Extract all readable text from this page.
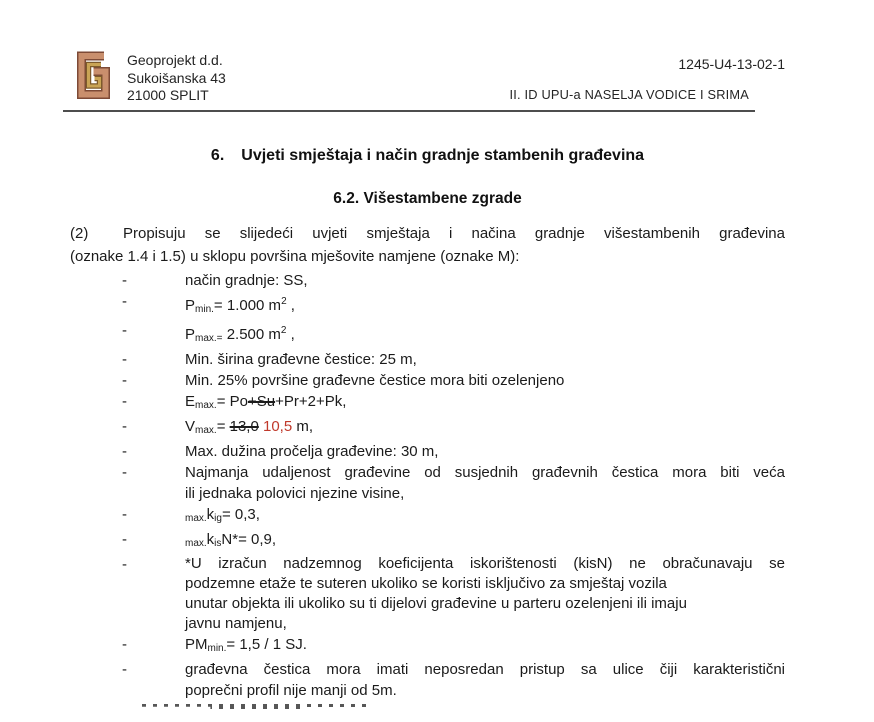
Geoprojekt d.d.
Sukoišanska 43
21000 SPLIT
1245-U4-13-02-1
II. ID UPU-a NASELJA VODICE I SRIMA
6. Uvjeti smještaja i način gradnje stambenih građevina
6.2. Višestambene zgrade
(2) Propisuju se slijedeći uvjeti smještaja i načina gradnje višestambenih građevina
(oznake 1.4 i 1.5) u sklopu površina mješovite namjene (oznake M):
-	način gradnje: SS,
-	Pmin.= 1.000 $m^2$ ,
-	Pmax.= 2.500 $m^2$ ,
-	Min. širina građevne čestice: 25 m,
-	Min. 25% površine građevne čestice mora biti ozelenjeno
-	Emax.= Po+Su+Pr+2+Pk,
-	Vmax.= 13,0 10,5 m,
-	Max. dužina pročelja građevine: 30 m,
-	Najmanja udaljenost građevine od susjednih građevnih čestica mora biti veća
ili jednaka polovici njezine visine,
-	max.kig= 0,3,
-	max.kisN*= 0,9,
-	*U izračun nadzemnog koeficijenta iskorištenosti (kisN) ne obračunavaju se
podzemne etaže te suteren ukoliko se koristi isključivo za smještaj vozila
unutar objekta ili ukoliko su ti dijelovi građevine u parteru ozelenjeni ili imaju
javnu namjenu,
-	PMmin.= 1,5 / 1 SJ.
-	građevna čestica mora imati neposredan pristup sa ulice čiji karakteristični
poprečni profil nije manji od 5m.
